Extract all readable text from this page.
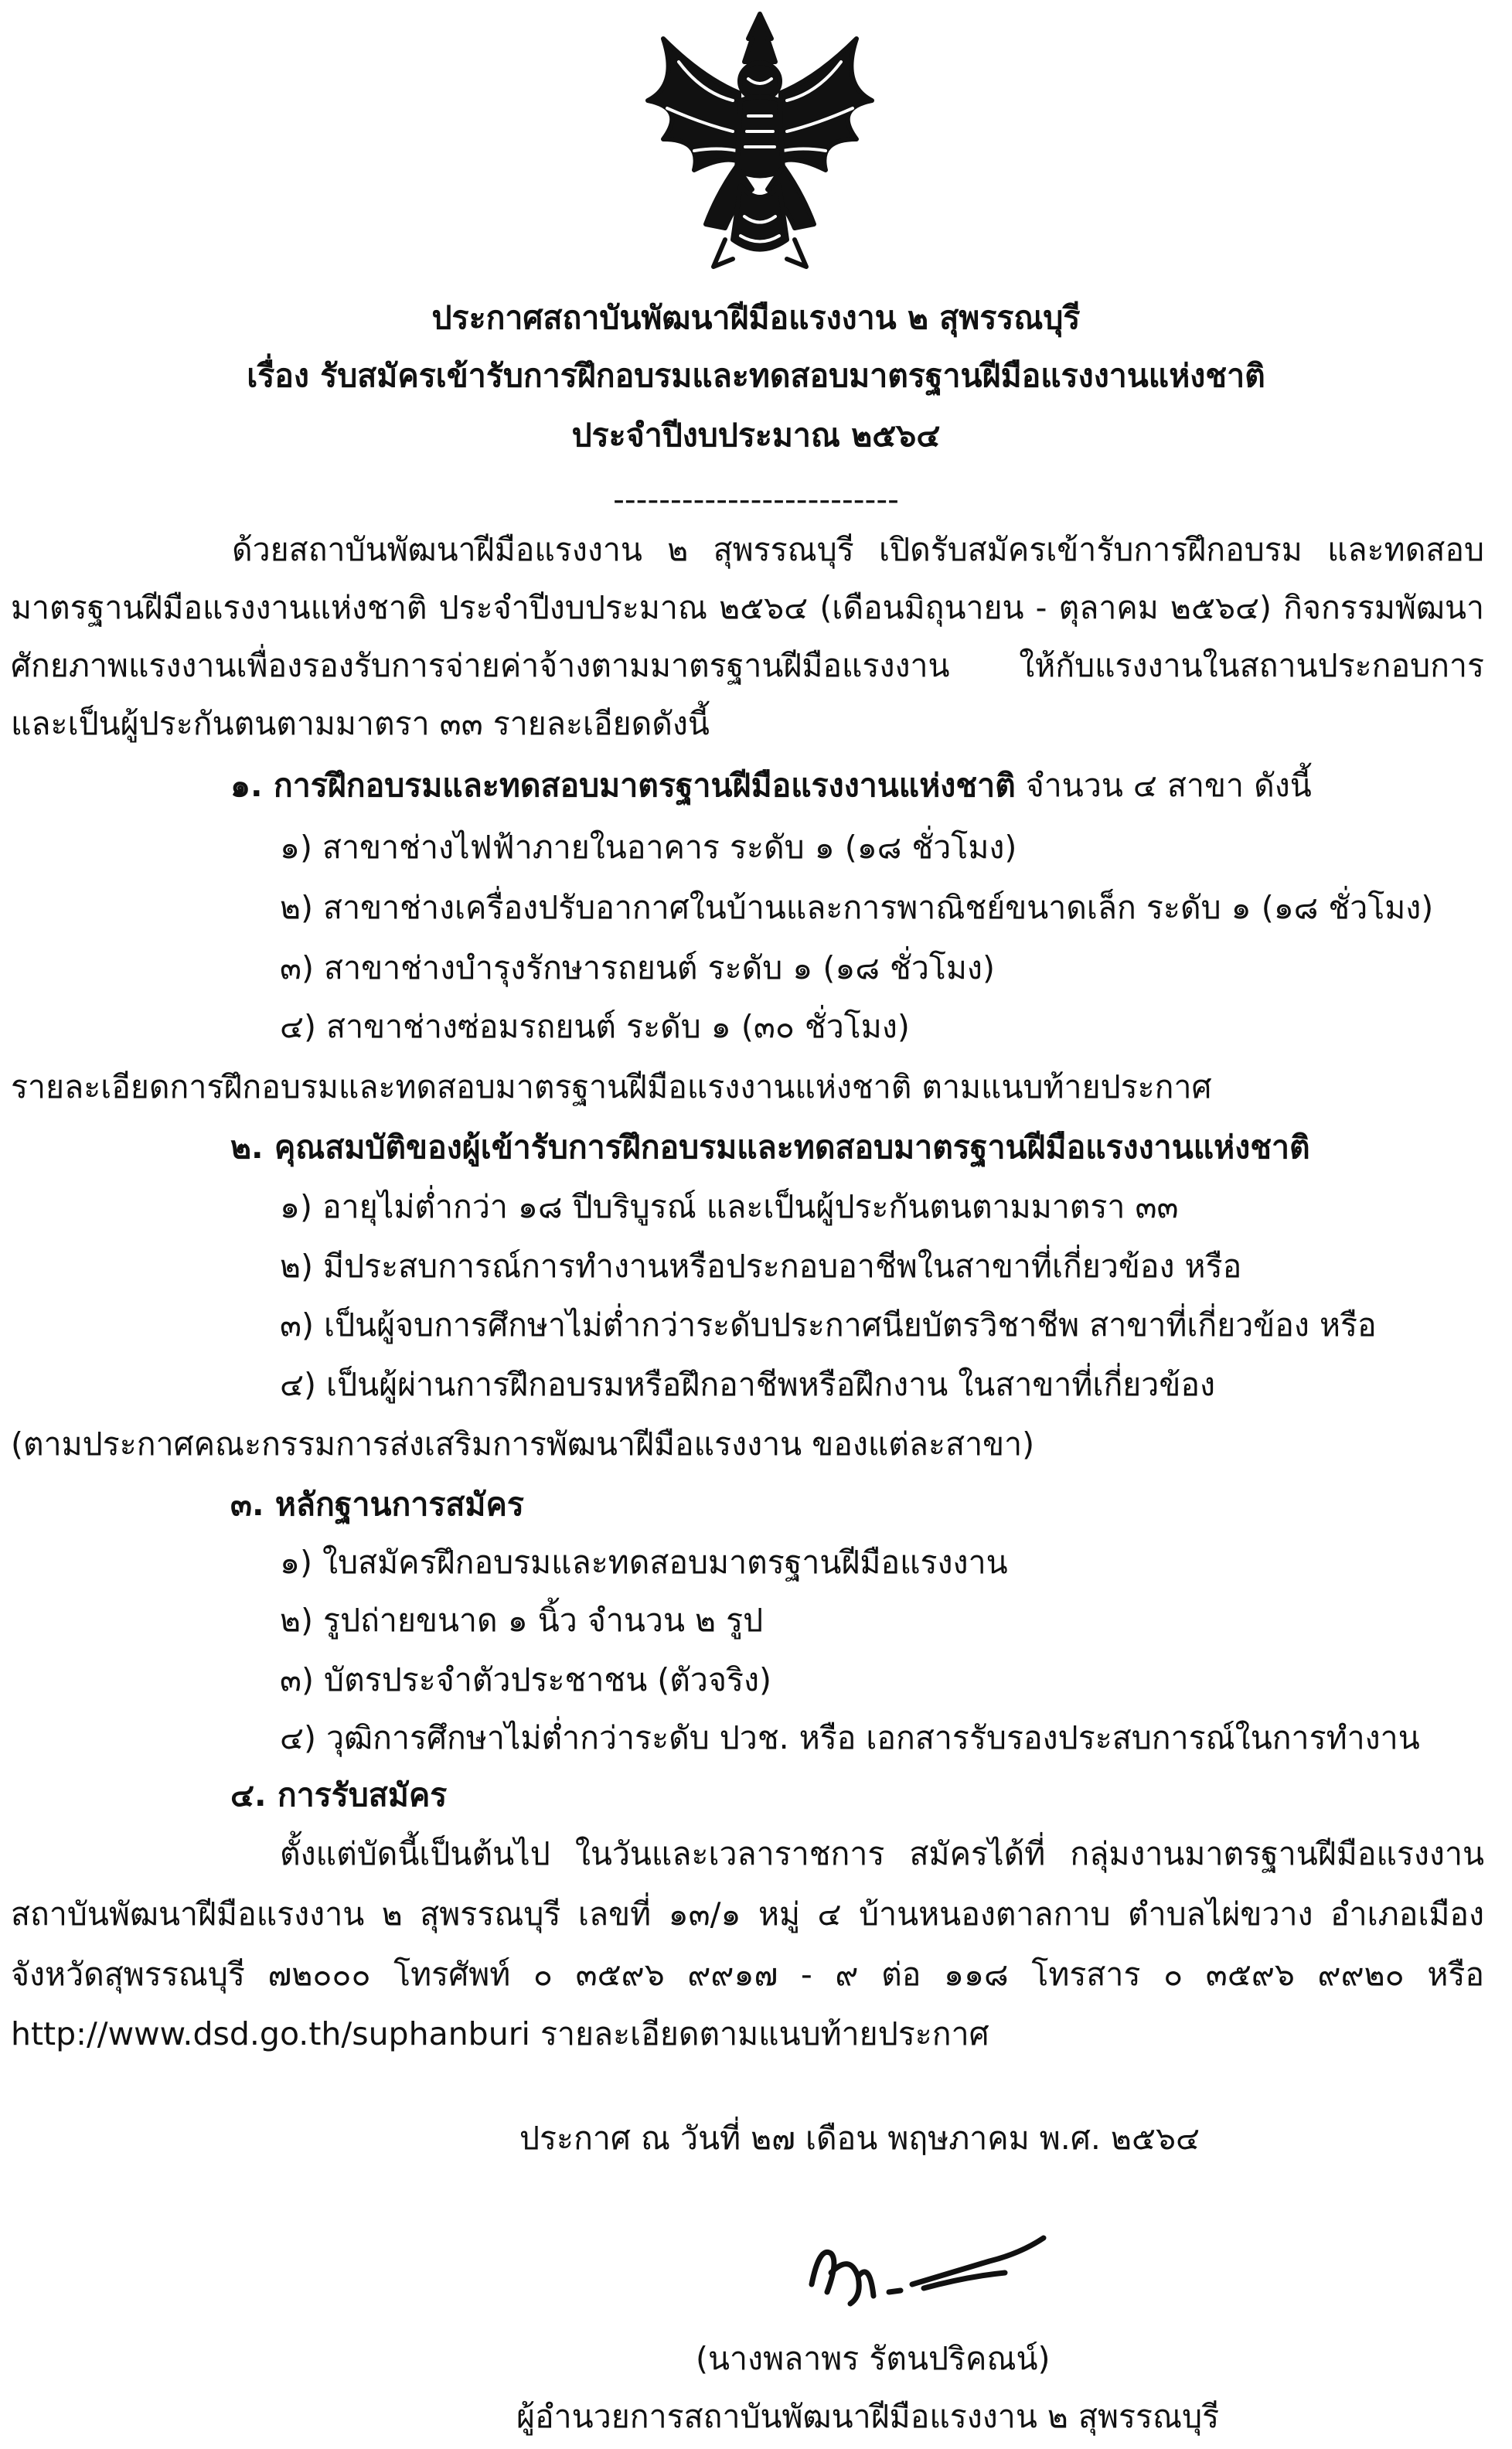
ประกาศสถาบันพัฒนาฝีมือแรงงาน ๒ สุพรรณบุรี
เรื่อง รับสมัครเข้ารับการฝึกอบรมและทดสอบมาตรฐานฝีมือแรงงานแห่งชาติ
ประจำปีงบประมาณ ๒๕๖๔
-------------------------
ด้วยสถาบันพัฒนาฝีมือแรงงาน ๒ สุพรรณบุรี เปิดรับสมัครเข้ารับการฝึกอบรม และทดสอบ
มาตรฐานฝีมือแรงงานแห่งชาติ ประจำปีงบประมาณ ๒๕๖๔ (เดือนมิถุนายน - ตุลาคม ๒๕๖๔) กิจกรรมพัฒนา
ศักยภาพแรงงานเพื่องรองรับการจ่ายค่าจ้างตามมาตรฐานฝีมือแรงงาน ให้กับแรงงานในสถานประกอบการ
และเป็นผู้ประกันตนตามมาตรา ๓๓ รายละเอียดดังนี้
๑. การฝึกอบรมและทดสอบมาตรฐานฝีมือแรงงานแห่งชาติ จำนวน ๔ สาขา ดังนี้
๑) สาขาช่างไฟฟ้าภายในอาคาร ระดับ ๑ (๑๘ ชั่วโมง)
๒) สาขาช่างเครื่องปรับอากาศในบ้านและการพาณิชย์ขนาดเล็ก ระดับ ๑ (๑๘ ชั่วโมง)
๓) สาขาช่างบำรุงรักษารถยนต์ ระดับ ๑ (๑๘ ชั่วโมง)
๔) สาขาช่างซ่อมรถยนต์ ระดับ ๑ (๓๐ ชั่วโมง)
รายละเอียดการฝึกอบรมและทดสอบมาตรฐานฝีมือแรงงานแห่งชาติ ตามแนบท้ายประกาศ
๒. คุณสมบัติของผู้เข้ารับการฝึกอบรมและทดสอบมาตรฐานฝีมือแรงงานแห่งชาติ
๑) อายุไม่ต่ำกว่า ๑๘ ปีบริบูรณ์ และเป็นผู้ประกันตนตามมาตรา ๓๓
๒) มีประสบการณ์การทำงานหรือประกอบอาชีพในสาขาที่เกี่ยวข้อง หรือ
๓) เป็นผู้จบการศึกษาไม่ต่ำกว่าระดับประกาศนียบัตรวิชาชีพ สาขาที่เกี่ยวข้อง หรือ
๔) เป็นผู้ผ่านการฝึกอบรมหรือฝึกอาชีพหรือฝึกงาน ในสาขาที่เกี่ยวข้อง
(ตามประกาศคณะกรรมการส่งเสริมการพัฒนาฝีมือแรงงาน ของแต่ละสาขา)
๓. หลักฐานการสมัคร
๑) ใบสมัครฝึกอบรมและทดสอบมาตรฐานฝีมือแรงงาน
๒) รูปถ่ายขนาด ๑ นิ้ว จำนวน ๒ รูป
๓) บัตรประจำตัวประชาชน (ตัวจริง)
๔) วุฒิการศึกษาไม่ต่ำกว่าระดับ ปวช. หรือ เอกสารรับรองประสบการณ์ในการทำงาน
๔. การรับสมัคร
ตั้งแต่บัดนี้เป็นต้นไป ในวันและเวลาราชการ สมัครได้ที่ กลุ่มงานมาตรฐานฝีมือแรงงาน
สถาบันพัฒนาฝีมือแรงงาน ๒ สุพรรณบุรี เลขที่ ๑๓/๑ หมู่ ๔ บ้านหนองตาลกาบ ตำบลไผ่ขวาง อำเภอเมือง
จังหวัดสุพรรณบุรี ๗๒๐๐๐ โทรศัพท์ ๐ ๓๕๙๖ ๙๙๑๗ - ๙ ต่อ ๑๑๘ โทรสาร ๐ ๓๕๙๖ ๙๙๒๐ หรือ
http://www.dsd.go.th/suphanburi รายละเอียดตามแนบท้ายประกาศ
ประกาศ ณ วันที่ ๒๗ เดือน พฤษภาคม พ.ศ. ๒๕๖๔
(นางพลาพร รัตนปริคณน์)
ผู้อำนวยการสถาบันพัฒนาฝีมือแรงงาน ๒ สุพรรณบุรี
